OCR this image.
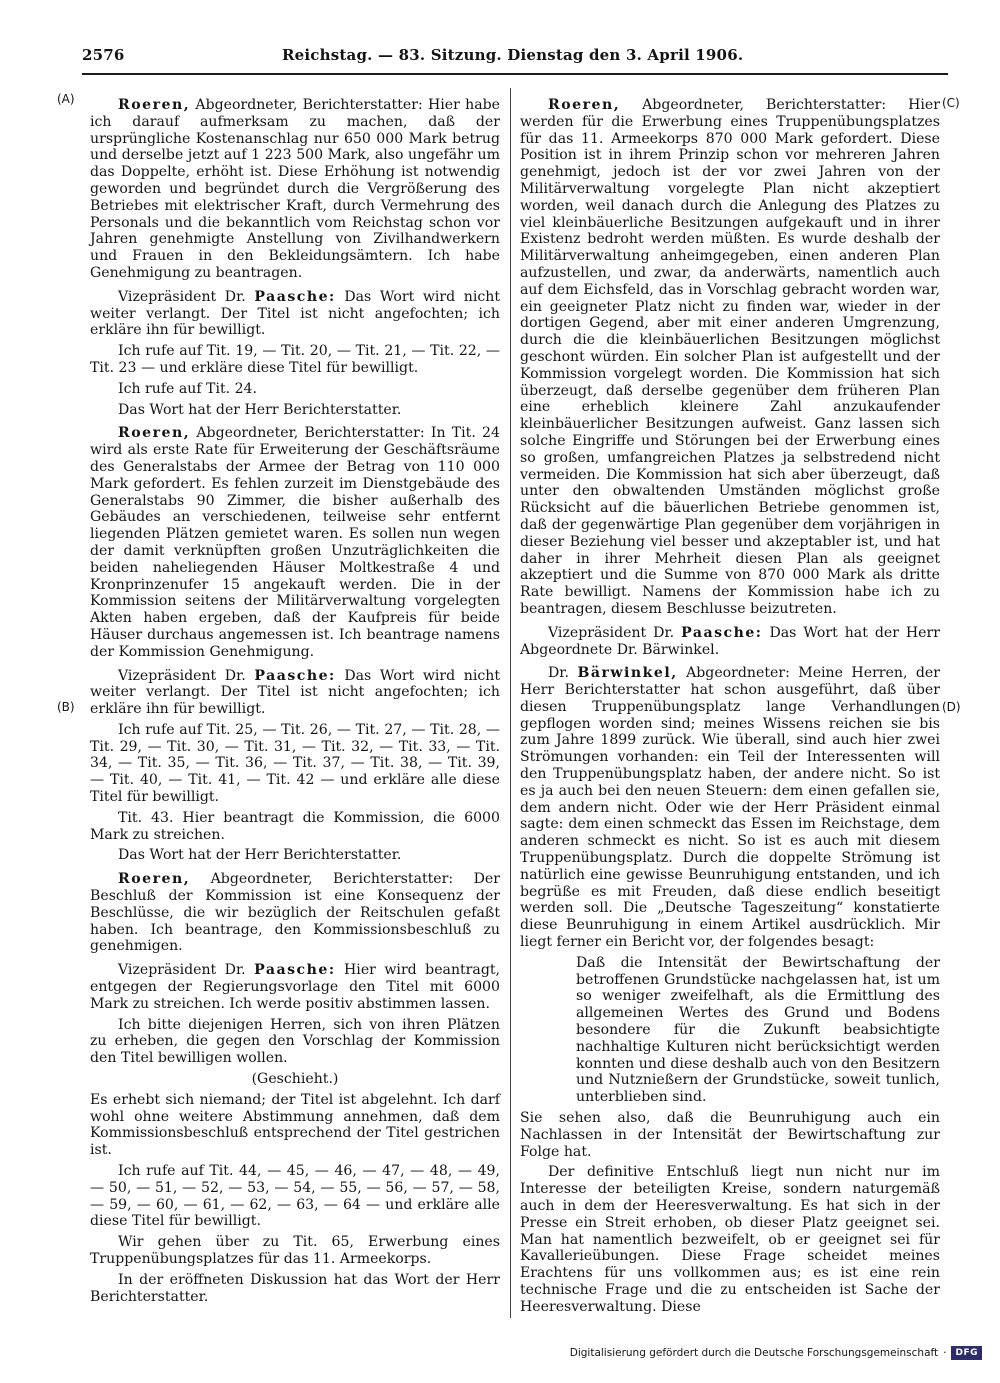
2576	Reichstag. — 83. Sitzung. Dienstag den 3. April 1906.
(A)
(B)
(C)
(D)

Roeren, Abgeordneter, Berichterstatter: Hier habe ich darauf aufmerksam zu machen, daß der ursprüngliche Kostenanschlag nur 650 000 Mark betrug und derselbe jetzt auf 1 223 500 Mark, also ungefähr um das Doppelte, erhöht ist. Diese Erhöhung ist notwendig geworden und begründet durch die Vergrößerung des Betriebes mit elektrischer Kraft, durch Vermehrung des Personals und die bekanntlich vom Reichstag schon vor Jahren genehmigte Anstellung von Zivilhandwerkern und Frauen in den Bekleidungsämtern. Ich habe Genehmigung zu beantragen.

Vizepräsident Dr. Paasche: Das Wort wird nicht weiter verlangt. Der Titel ist nicht angefochten; ich erkläre ihn für bewilligt.

Ich rufe auf Tit. 19, — Tit. 20, — Tit. 21, — Tit. 22, — Tit. 23 — und erkläre diese Titel für bewilligt.

Ich rufe auf Tit. 24.

Das Wort hat der Herr Berichterstatter.

Roeren, Abgeordneter, Berichterstatter: In Tit. 24 wird als erste Rate für Erweiterung der Geschäftsräume des Generalstabs der Armee der Betrag von 110 000 Mark gefordert. Es fehlen zurzeit im Dienstgebäude des Generalstabs 90 Zimmer, die bisher außerhalb des Gebäudes an verschiedenen, teilweise sehr entfernt liegenden Plätzen gemietet waren. Es sollen nun wegen der damit verknüpften großen Unzuträglichkeiten die beiden naheliegenden Häuser Moltkestraße 4 und Kronprinzenufer 15 angekauft werden. Die in der Kommission seitens der Militärverwaltung vorgelegten Akten haben ergeben, daß der Kaufpreis für beide Häuser durchaus angemessen ist. Ich beantrage namens der Kommission Genehmigung.

Vizepräsident Dr. Paasche: Das Wort wird nicht weiter verlangt. Der Titel ist nicht angefochten; ich erkläre ihn für bewilligt.

Ich rufe auf Tit. 25, — Tit. 26, — Tit. 27, — Tit. 28, — Tit. 29, — Tit. 30, — Tit. 31, — Tit. 32, — Tit. 33, — Tit. 34, — Tit. 35, — Tit. 36, — Tit. 37, — Tit. 38, — Tit. 39, — Tit. 40, — Tit. 41, — Tit. 42 — und erkläre alle diese Titel für bewilligt.

Tit. 43. Hier beantragt die Kommission, die 6000 Mark zu streichen.

Das Wort hat der Herr Berichterstatter.

Roeren, Abgeordneter, Berichterstatter: Der Beschluß der Kommission ist eine Konsequenz der Beschlüsse, die wir bezüglich der Reitschulen gefaßt haben. Ich beantrage, den Kommissionsbeschluß zu genehmigen.

Vizepräsident Dr. Paasche: Hier wird beantragt, entgegen der Regierungsvorlage den Titel mit 6000 Mark zu streichen. Ich werde positiv abstimmen lassen.

Ich bitte diejenigen Herren, sich von ihren Plätzen zu erheben, die gegen den Vorschlag der Kommission den Titel bewilligen wollen.

(Geschieht.)

Es erhebt sich niemand; der Titel ist abgelehnt. Ich darf wohl ohne weitere Abstimmung annehmen, daß dem Kommissionsbeschluß entsprechend der Titel gestrichen ist.

Ich rufe auf Tit. 44, — 45, — 46, — 47, — 48, — 49, — 50, — 51, — 52, — 53, — 54, — 55, — 56, — 57, — 58, — 59, — 60, — 61, — 62, — 63, — 64 — und erkläre alle diese Titel für bewilligt.

Wir gehen über zu Tit. 65, Erwerbung eines Truppenübungsplatzes für das 11. Armeekorps.

In der eröffneten Diskussion hat das Wort der Herr Berichterstatter.

Roeren, Abgeordneter, Berichterstatter: Hier werden für die Erwerbung eines Truppenübungsplatzes für das 11. Armeekorps 870 000 Mark gefordert. Diese Position ist in ihrem Prinzip schon vor mehreren Jahren genehmigt, jedoch ist der vor zwei Jahren von der Militärverwaltung vorgelegte Plan nicht akzeptiert worden, weil danach durch die Anlegung des Platzes zu viel kleinbäuerliche Besitzungen aufgekauft und in ihrer Existenz bedroht werden müßten. Es wurde deshalb der Militärverwaltung anheimgegeben, einen anderen Plan aufzustellen, und zwar, da anderwärts, namentlich auch auf dem Eichsfeld, das in Vorschlag gebracht worden war, ein geeigneter Platz nicht zu finden war, wieder in der dortigen Gegend, aber mit einer anderen Umgrenzung, durch die die kleinbäuerlichen Besitzungen möglichst geschont würden. Ein solcher Plan ist aufgestellt und der Kommission vorgelegt worden. Die Kommission hat sich überzeugt, daß derselbe gegenüber dem früheren Plan eine erheblich kleinere Zahl anzukaufender kleinbäuerlicher Besitzungen aufweist. Ganz lassen sich solche Eingriffe und Störungen bei der Erwerbung eines so großen, umfangreichen Platzes ja selbstredend nicht vermeiden. Die Kommission hat sich aber überzeugt, daß unter den obwaltenden Umständen möglichst große Rücksicht auf die bäuerlichen Betriebe genommen ist, daß der gegenwärtige Plan gegenüber dem vorjährigen in dieser Beziehung viel besser und akzeptabler ist, und hat daher in ihrer Mehrheit diesen Plan als geeignet akzeptiert und die Summe von 870 000 Mark als dritte Rate bewilligt. Namens der Kommission habe ich zu beantragen, diesem Beschlusse beizutreten.

Vizepräsident Dr. Paasche: Das Wort hat der Herr Abgeordnete Dr. Bärwinkel.

Dr. Bärwinkel, Abgeordneter: Meine Herren, der Herr Berichterstatter hat schon ausgeführt, daß über diesen Truppenübungsplatz lange Verhandlungen gepflogen worden sind; meines Wissens reichen sie bis zum Jahre 1899 zurück. Wie überall, sind auch hier zwei Strömungen vorhanden: ein Teil der Interessenten will den Truppenübungsplatz haben, der andere nicht. So ist es ja auch bei den neuen Steuern: dem einen gefallen sie, dem andern nicht. Oder wie der Herr Präsident einmal sagte: dem einen schmeckt das Essen im Reichstage, dem anderen schmeckt es nicht. So ist es auch mit diesem Truppenübungsplatz. Durch die doppelte Strömung ist natürlich eine gewisse Beunruhigung entstanden, und ich begrüße es mit Freuden, daß diese endlich beseitigt werden soll. Die „Deutsche Tageszeitung“ konstatierte diese Beunruhigung in einem Artikel ausdrücklich. Mir liegt ferner ein Bericht vor, der folgendes besagt:

Daß die Intensität der Bewirtschaftung der betroffenen Grundstücke nachgelassen hat, ist um so weniger zweifelhaft, als die Ermittlung des allgemeinen Wertes des Grund und Bodens besondere für die Zukunft beabsichtigte nachhaltige Kulturen nicht berücksichtigt werden konnten und diese deshalb auch von den Besitzern und Nutznießern der Grundstücke, soweit tunlich, unterblieben sind.

Sie sehen also, daß die Beunruhigung auch ein Nachlassen in der Intensität der Bewirtschaftung zur Folge hat.

Der definitive Entschluß liegt nun nicht nur im Interesse der beteiligten Kreise, sondern naturgemäß auch in dem der Heeresverwaltung. Es hat sich in der Presse ein Streit erhoben, ob dieser Platz geeignet sei. Man hat namentlich bezweifelt, ob er geeignet sei für Kavallerieübungen. Diese Frage scheidet meines Erachtens für uns vollkommen aus; es ist eine rein technische Frage und die zu entscheiden ist Sache der Heeresverwaltung. Diese

Digitalisierung gefördert durch die Deutsche Forschungsgemeinschaft ·	DFG
